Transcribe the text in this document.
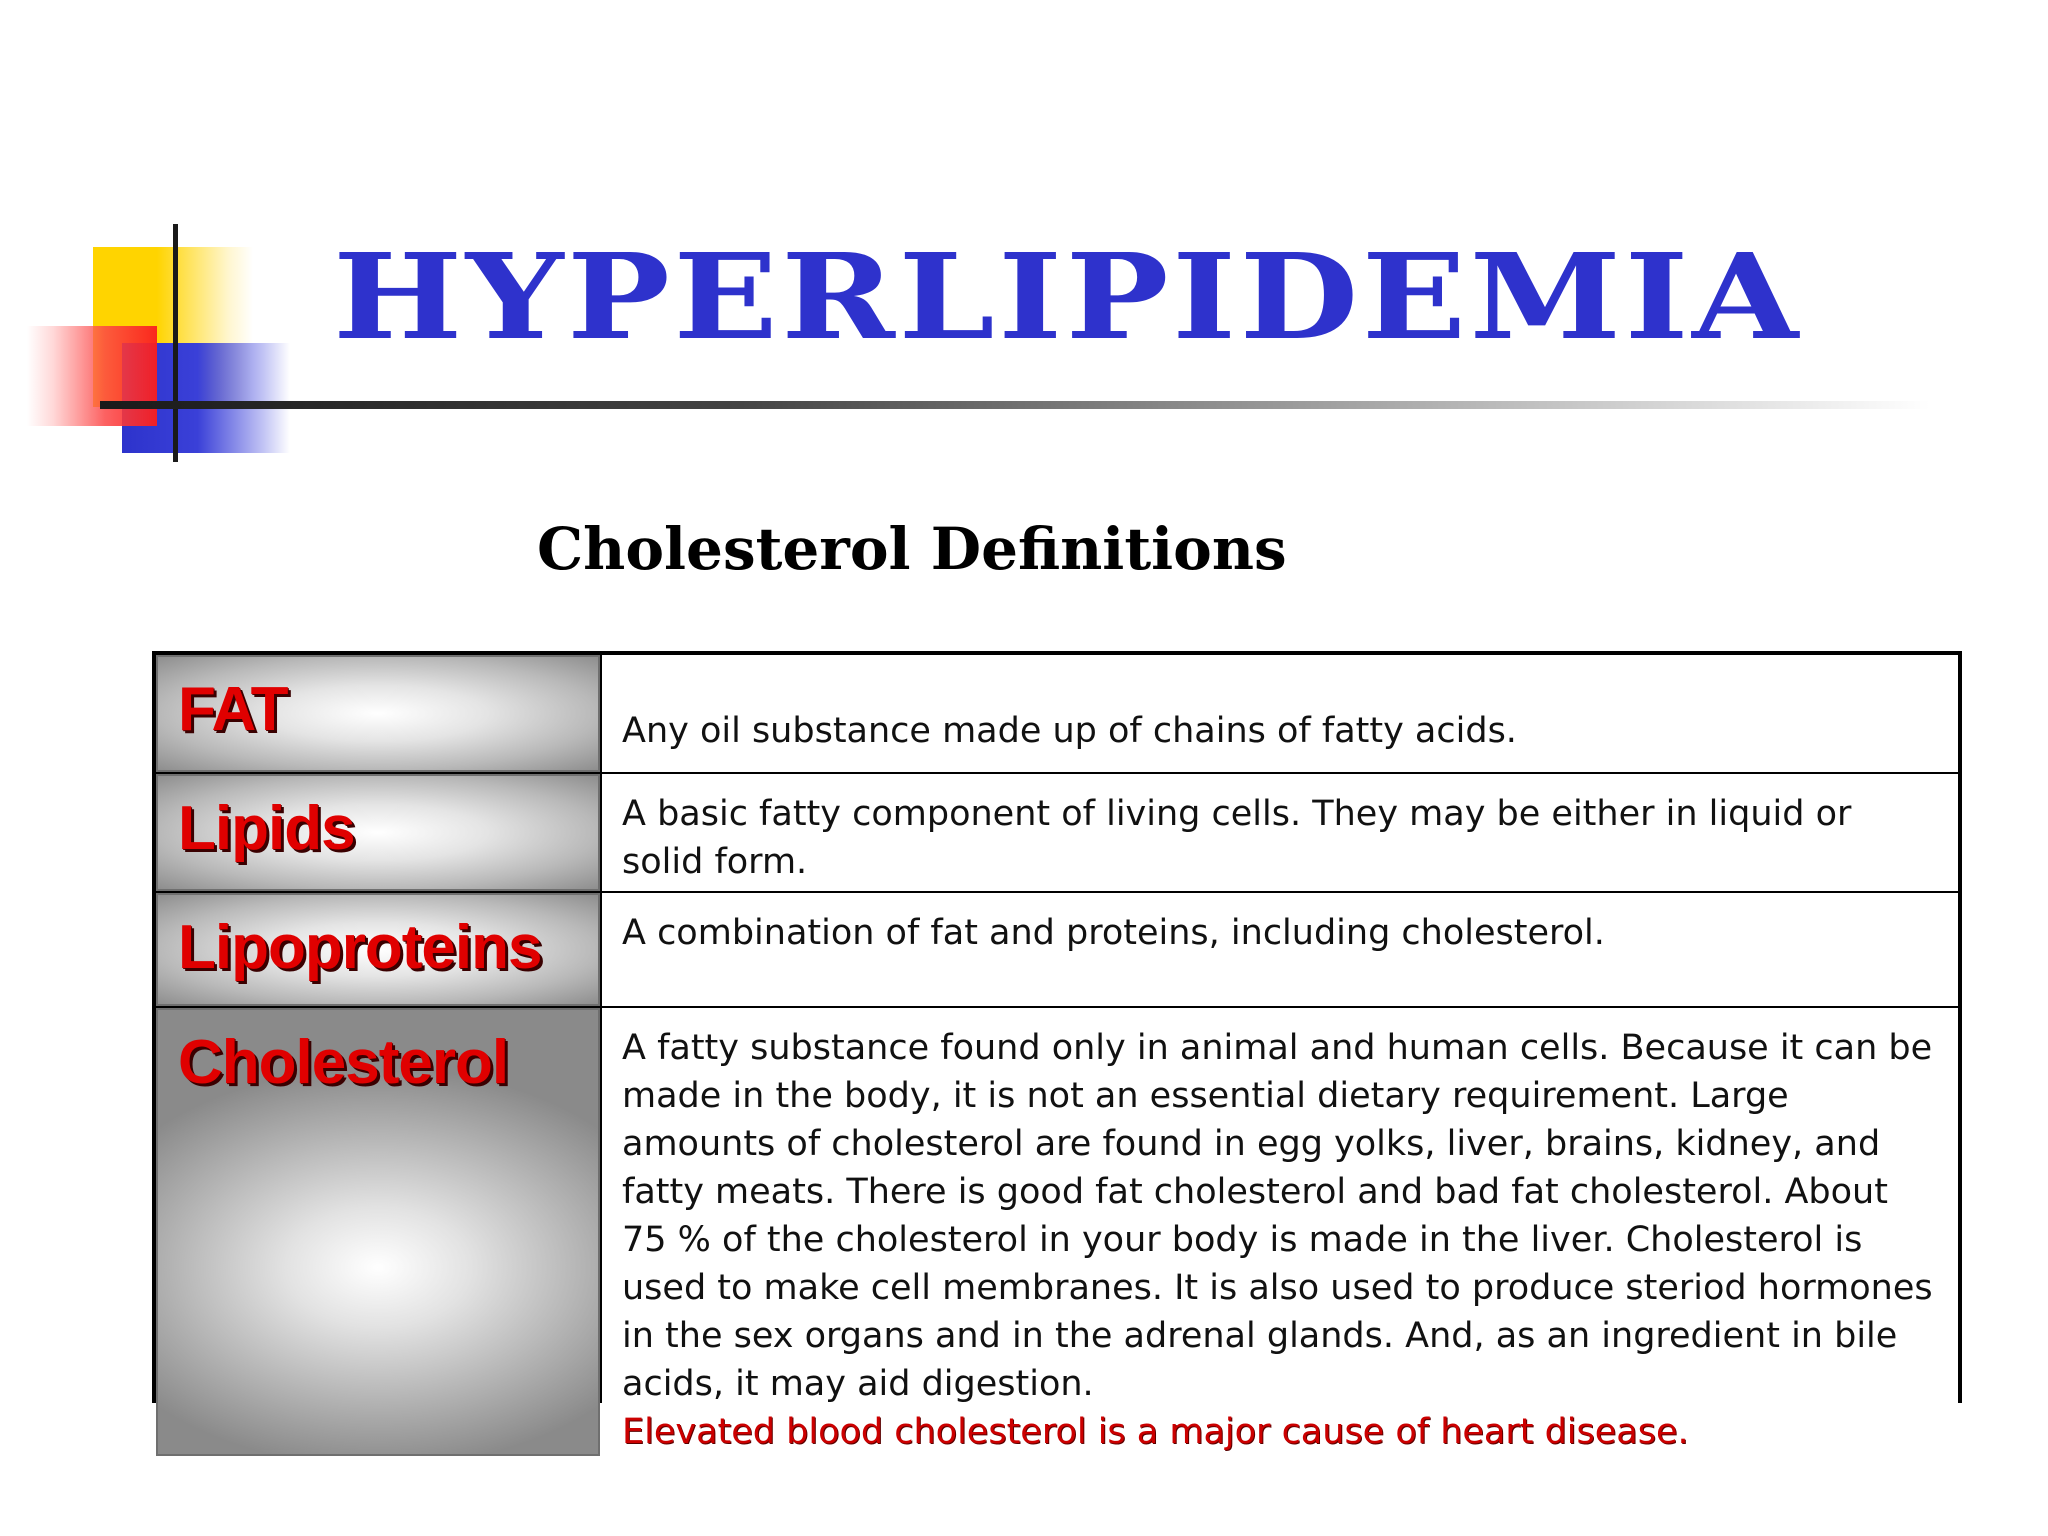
HYPERLIPIDEMIA
Cholesterol Definitions
FAT	Any oil substance made up of chains of fatty acids.

Lipids	A basic fatty component of living cells. They may be either in liquid or solid form.

Lipoproteins A combination of fat and proteins, including cholesterol.

Cholesterol	A fatty substance found only in animal and human cells. Because it can be made in the body, it is not an essential dietary requirement. Large amounts of cholesterol are found in egg yolks, liver, brains, kidney, and fatty meats. There is good fat cholesterol and bad fat cholesterol. About 75 % of the cholesterol in your body is made in the liver. Cholesterol is used to make cell membranes. It is also used to produce steriod hormones in the sex organs and in the adrenal glands. And, as an ingredient in bile acids, it may aid digestion.

Elevated blood cholesterol is a major cause of heart disease.
